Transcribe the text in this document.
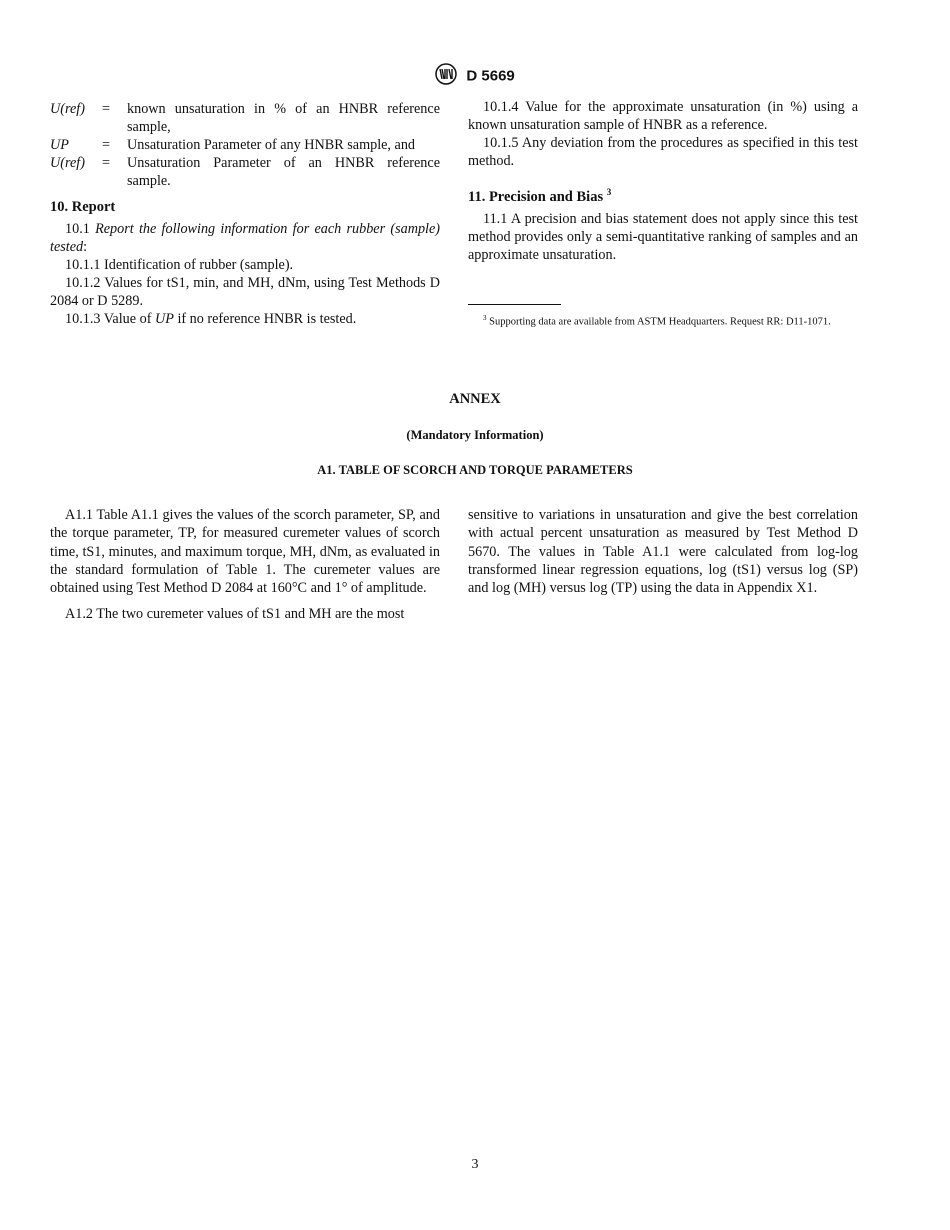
D 5669
U(ref)	=	known unsaturation in % of an HNBR reference sample,
UP	=	Unsaturation Parameter of any HNBR sample, and
U(ref)	=	Unsaturation Parameter of an HNBR reference sample.
10. Report

10.1 Report the following information for each rubber (sample) tested:

10.1.1 Identification of rubber (sample).

10.1.2 Values for tS1, min, and MH, dNm, using Test Methods D 2084 or D 5289.

10.1.3 Value of UP if no reference HNBR is tested.

10.1.4 Value for the approximate unsaturation (in %) using a known unsaturation sample of HNBR as a reference.

10.1.5 Any deviation from the procedures as specified in this test method.

11. Precision and Bias $^3$

11.1 A precision and bias statement does not apply since this test method provides only a semi-quantitative ranking of samples and an approximate unsaturation.

$^3$ Supporting data are available from ASTM Headquarters. Request RR: D11-1071.
ANNEX
(Mandatory Information)
A1. TABLE OF SCORCH AND TORQUE PARAMETERS

A1.1 Table A1.1 gives the values of the scorch parameter, SP, and the torque parameter, TP, for measured curemeter values of scorch time, tS1, minutes, and maximum torque, MH, dNm, as evaluated in the standard formulation of Table 1. The curemeter values are obtained using Test Method D 2084 at 160°C and 1° of amplitude.

A1.2 The two curemeter values of tS1 and MH are the most

sensitive to variations in unsaturation and give the best correlation with actual percent unsaturation as measured by Test Method D 5670. The values in Table A1.1 were calculated from log-log transformed linear regression equations, log (tS1) versus log (SP) and log (MH) versus log (TP) using the data in Appendix X1.

3
